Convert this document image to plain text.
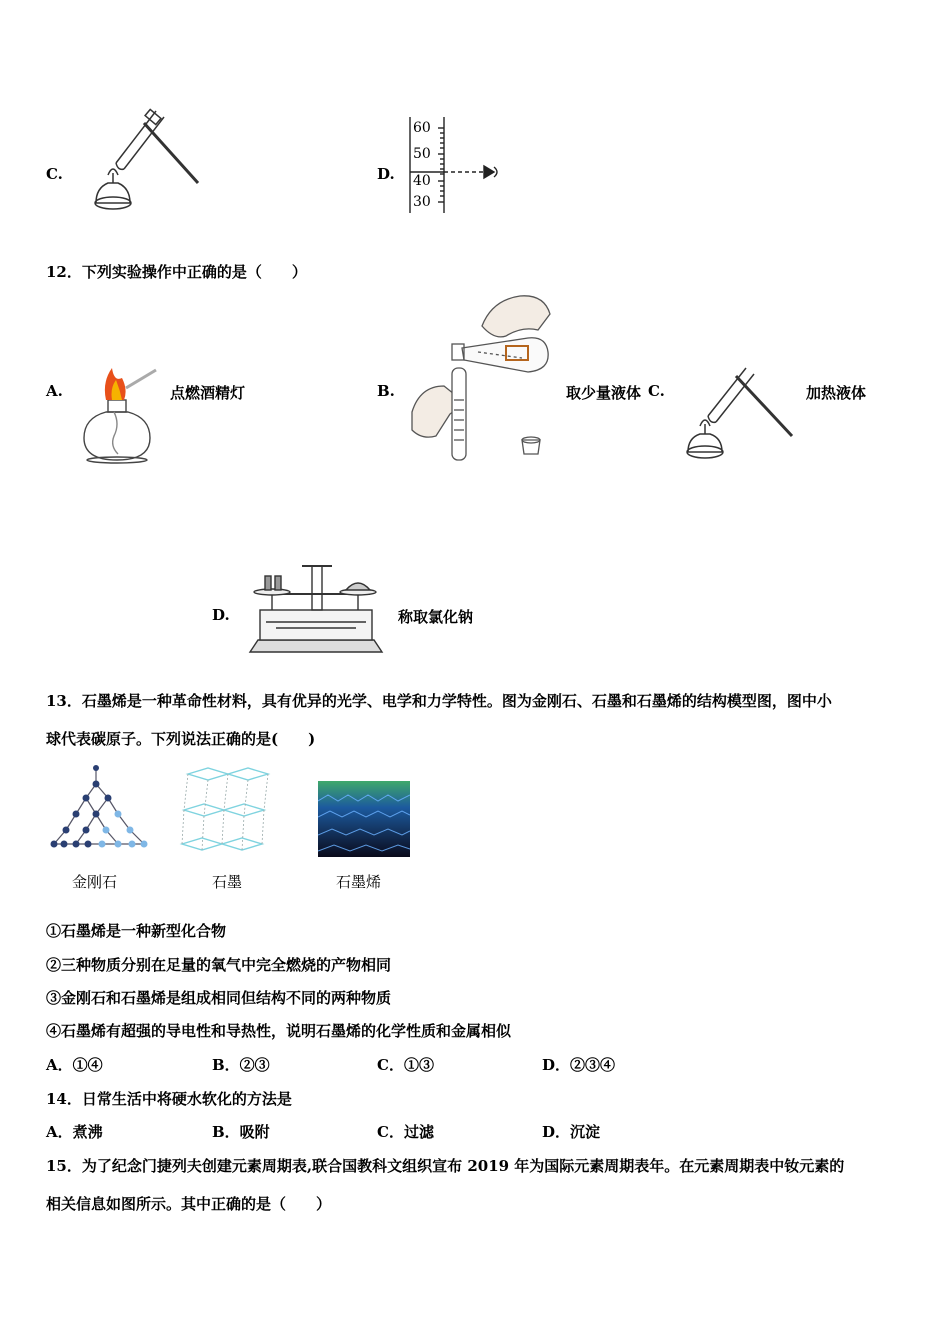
C.	D.
60
50
40
30
12．下列实验操作中正确的是（　　）
A.	点燃酒精灯	B.	取少量液体 C.	加热液体
D.	称取氯化钠
13．石墨烯是一种革命性材料，具有优异的光学、电学和力学特性。图为金刚石、石墨和石墨烯的结构模型图，图中小
球代表碳原子。下列说法正确的是(　　)
金刚石	石墨	石墨烯
①石墨烯是一种新型化合物
②三种物质分别在足量的氧气中完全燃烧的产物相同
③金刚石和石墨烯是组成相同但结构不同的两种物质
④石墨烯有超强的导电性和导热性，说明石墨烯的化学性质和金属相似
A．①④	B．②③	C．①③	D．②③④
14．日常生活中将硬水软化的方法是
A．煮沸	B．吸附	C．过滤	D．沉淀
15．为了纪念门捷列夫创建元素周期表,联合国教科文组织宣布 2019 年为国际元素周期表年。在元素周期表中钕元素的
相关信息如图所示。其中正确的是（　　）
